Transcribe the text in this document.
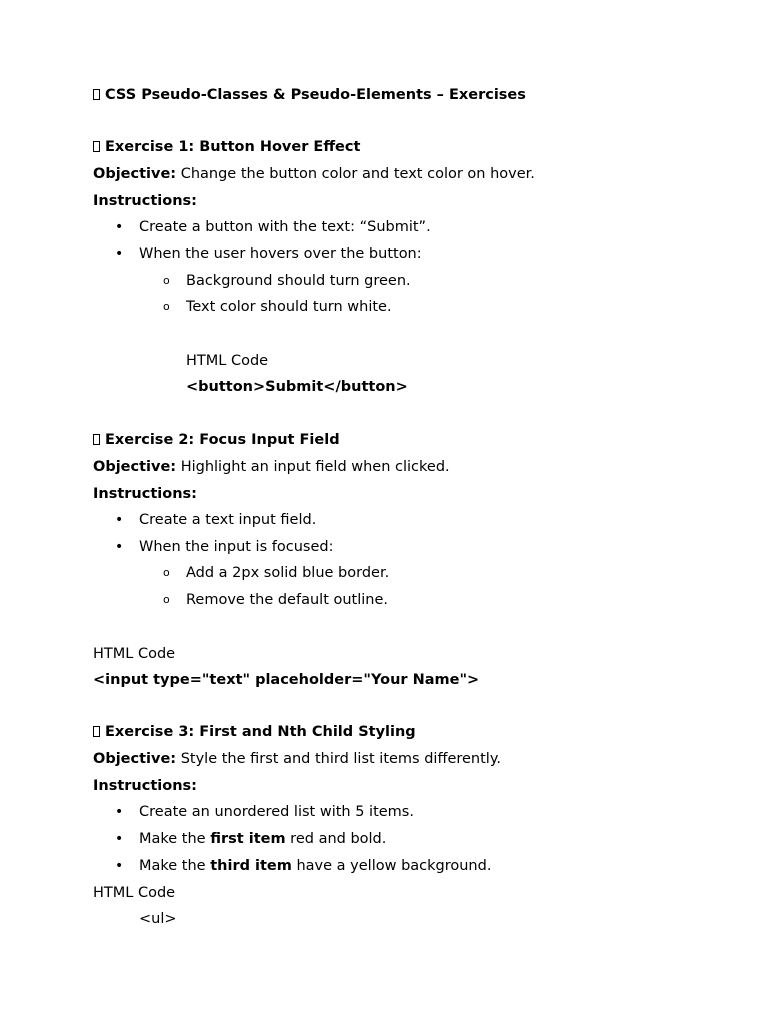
CSS Pseudo-Classes & Pseudo-Elements – Exercises
Exercise 1: Button Hover Effect
Objective: Change the button color and text color on hover.
Instructions:
• Create a button with the text: “Submit”.
• When the user hovers over the button:
o Background should turn green.
o Text color should turn white.
HTML Code
<button>Submit</button>
Exercise 2: Focus Input Field
Objective: Highlight an input field when clicked.
Instructions:
• Create a text input field.
• When the input is focused:
o Add a 2px solid blue border.
o Remove the default outline.
HTML Code
<input type="text" placeholder="Your Name">
Exercise 3: First and Nth Child Styling
Objective: Style the first and third list items differently.
Instructions:
• Create an unordered list with 5 items.
• Make the first item red and bold.
• Make the third item have a yellow background.
HTML Code
<ul>
